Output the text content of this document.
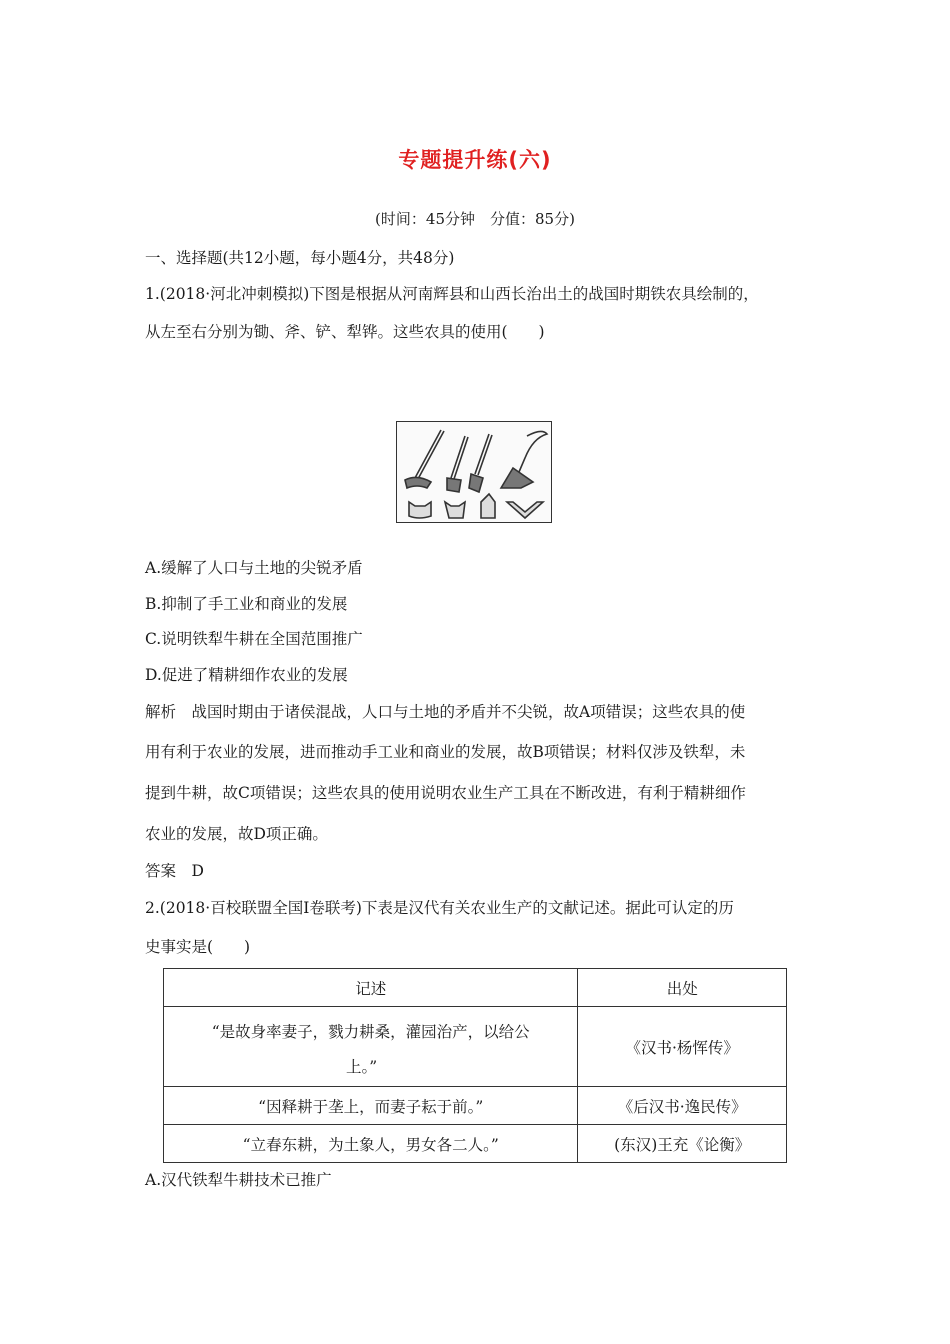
专题提升练(六)
(时间：45分钟　分值：85分)
一、选择题(共12小题，每小题4分，共48分)
1.(2018·河北冲刺模拟)下图是根据从河南辉县和山西长治出土的战国时期铁农具绘制的，
从左至右分别为锄、斧、铲、犁铧。这些农具的使用(　　)
A.缓解了人口与土地的尖锐矛盾
B.抑制了手工业和商业的发展
C.说明铁犁牛耕在全国范围推广
D.促进了精耕细作农业的发展
解析　战国时期由于诸侯混战，人口与土地的矛盾并不尖锐，故A项错误；这些农具的使
用有利于农业的发展，进而推动手工业和商业的发展，故B项错误；材料仅涉及铁犁，未
提到牛耕，故C项错误；这些农具的使用说明农业生产工具在不断改进，有利于精耕细作
农业的发展，故D项正确。
答案　D
2.(2018·百校联盟全国Ⅰ卷联考)下表是汉代有关农业生产的文献记述。据此可认定的历
史事实是(　　)
记述	出处

“是故身率妻子，戮力耕桑，灌园治产，以给公
上。”	《汉书·杨恽传》
“因释耕于垄上，而妻子耘于前。”	《后汉书·逸民传》
“立春东耕，为土象人，男女各二人。”	(东汉)王充《论衡》
A.汉代铁犁牛耕技术已推广
